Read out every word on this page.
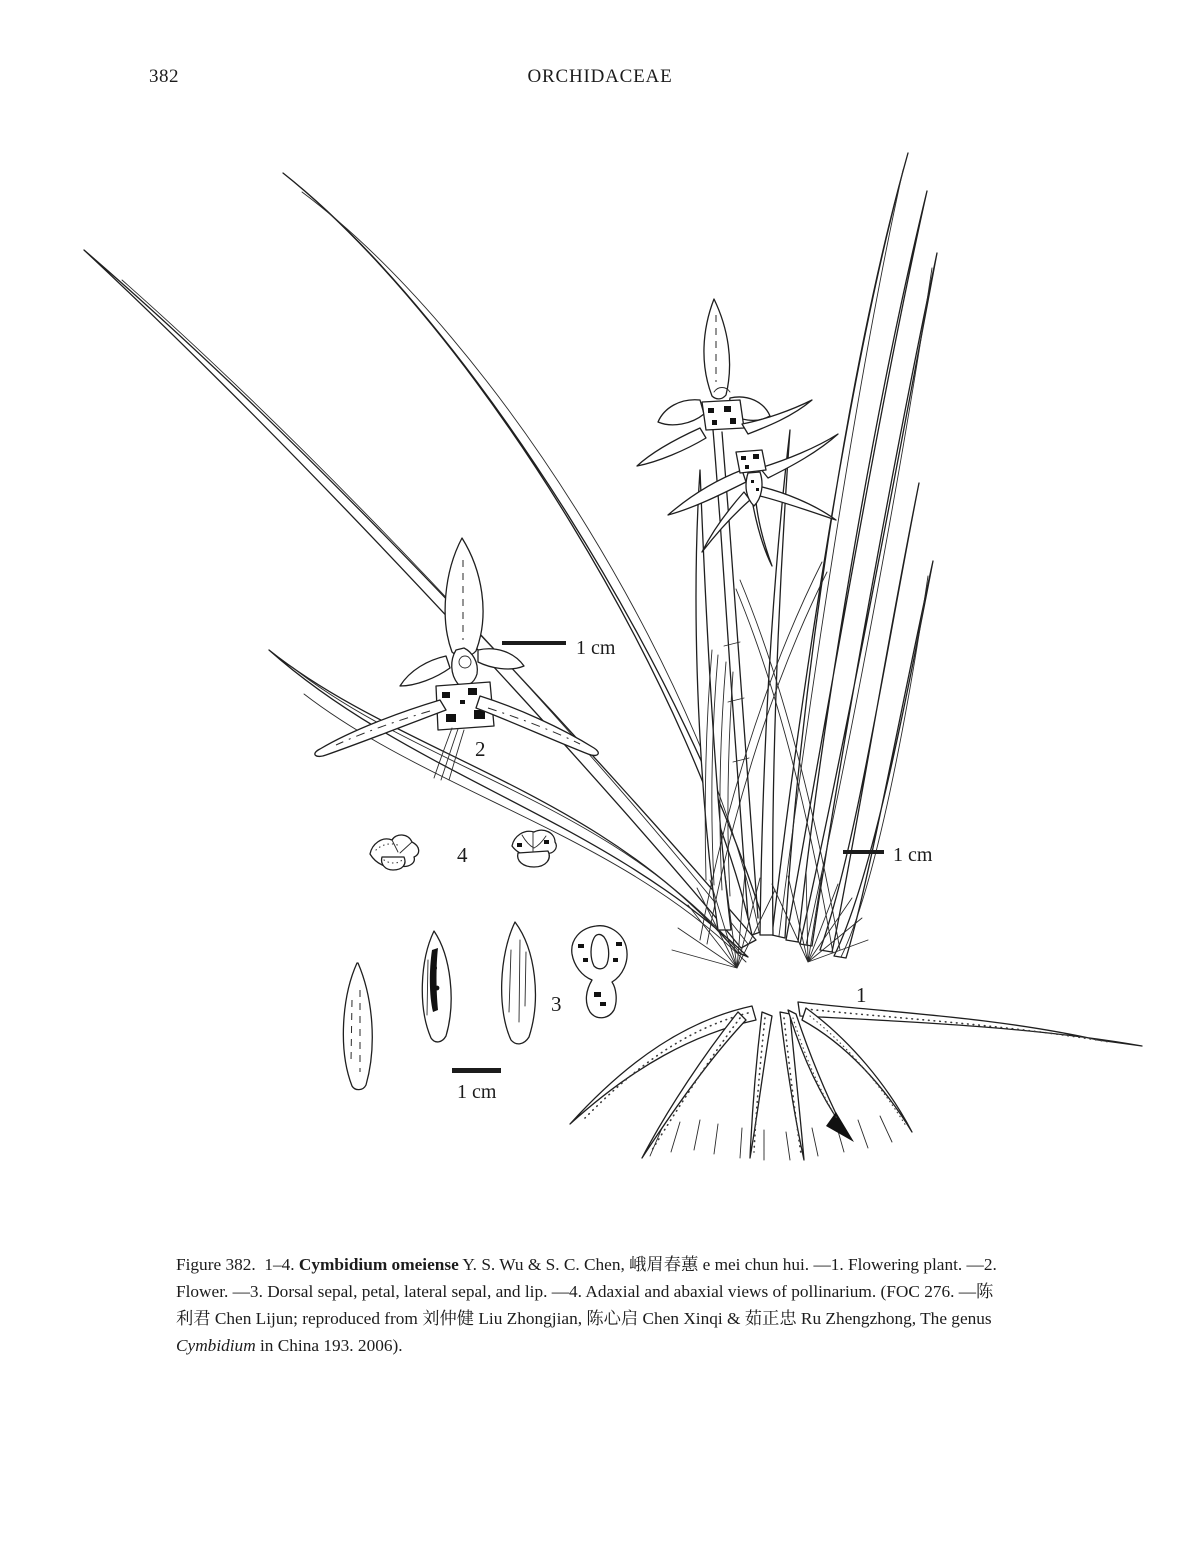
382	ORCHIDACEAE
1
1 cm
2
1 cm
4
3
1 cm
Figure 382.  1–4. Cymbidium omeiense Y. S. Wu & S. C. Chen, 峨眉春蕙 e mei chun hui. —1. Flowering plant. —2.
Flower. —3. Dorsal sepal, petal, lateral sepal, and lip. —4. Adaxial and abaxial views of pollinarium. (FOC 276. —陈
利君 Chen Lijun; reproduced from 刘仲健 Liu Zhongjian, 陈心启 Chen Xinqi & 茹正忠 Ru Zhengzhong, The genus
Cymbidium in China 193. 2006).
